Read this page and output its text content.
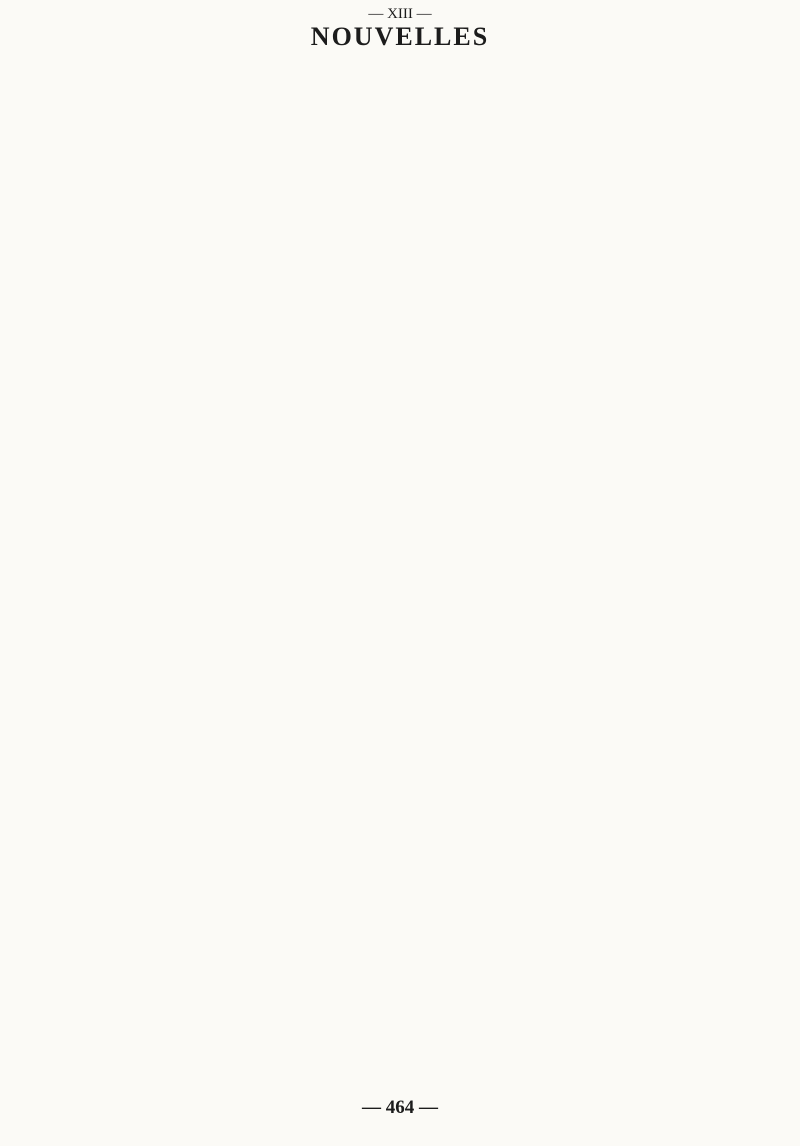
— XIII —
NOUVELLES
— 464 —
